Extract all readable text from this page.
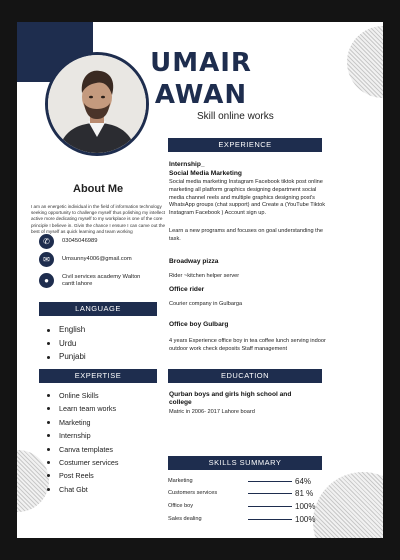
UMAIR
AWAN
Skill online works
About Me
I am an energetic individual in the field of information technology seeking opportunity to challenge myself thus polishing my intellect active more dedicating myself to my workplace is one of the core principle I believe in. Givin the chance I ensure I can carve out the best of myself as quick learning and team working
✆	03045046989
✉	Umsunny4006@gmail.com
●	Civil services academy Walton cantt lahore
LANGUAGE
English
Urdu
Punjabi
EXPERTISE
Online Skills
Learn team works
Marketing
Internship
Canva templates
Costumer services
Post Reels
Chat Gbt
EXPERIENCE
Internship_
Social Media Marketing
Social media marketing Instagram Facebook tiktok post online marketing all platform graphics designing department social media channel reels and multiple graphics designing post's WhatsApp groups (chat support) and Create a (YouTube Tiktok Instagram Facebook ) Account sign up.
Learn a new programs and focuses on goal understanding the task.
Broadway pizza
Rider ~kitchen helper server
Office rider
Courier company in Gulbarga
Office boy Gulbarg
4 years Experience office boy in tea coffee lunch serving indoor outdoor work check deposits Staff management
EDUCATION
Qurban boys and girls high school and college
Matric in 2006- 2017 Lahore board
SKILLS SUMMARY
Marketing	64%
Customers services	81 %
Office boy	100%
Sales dealing	100%
